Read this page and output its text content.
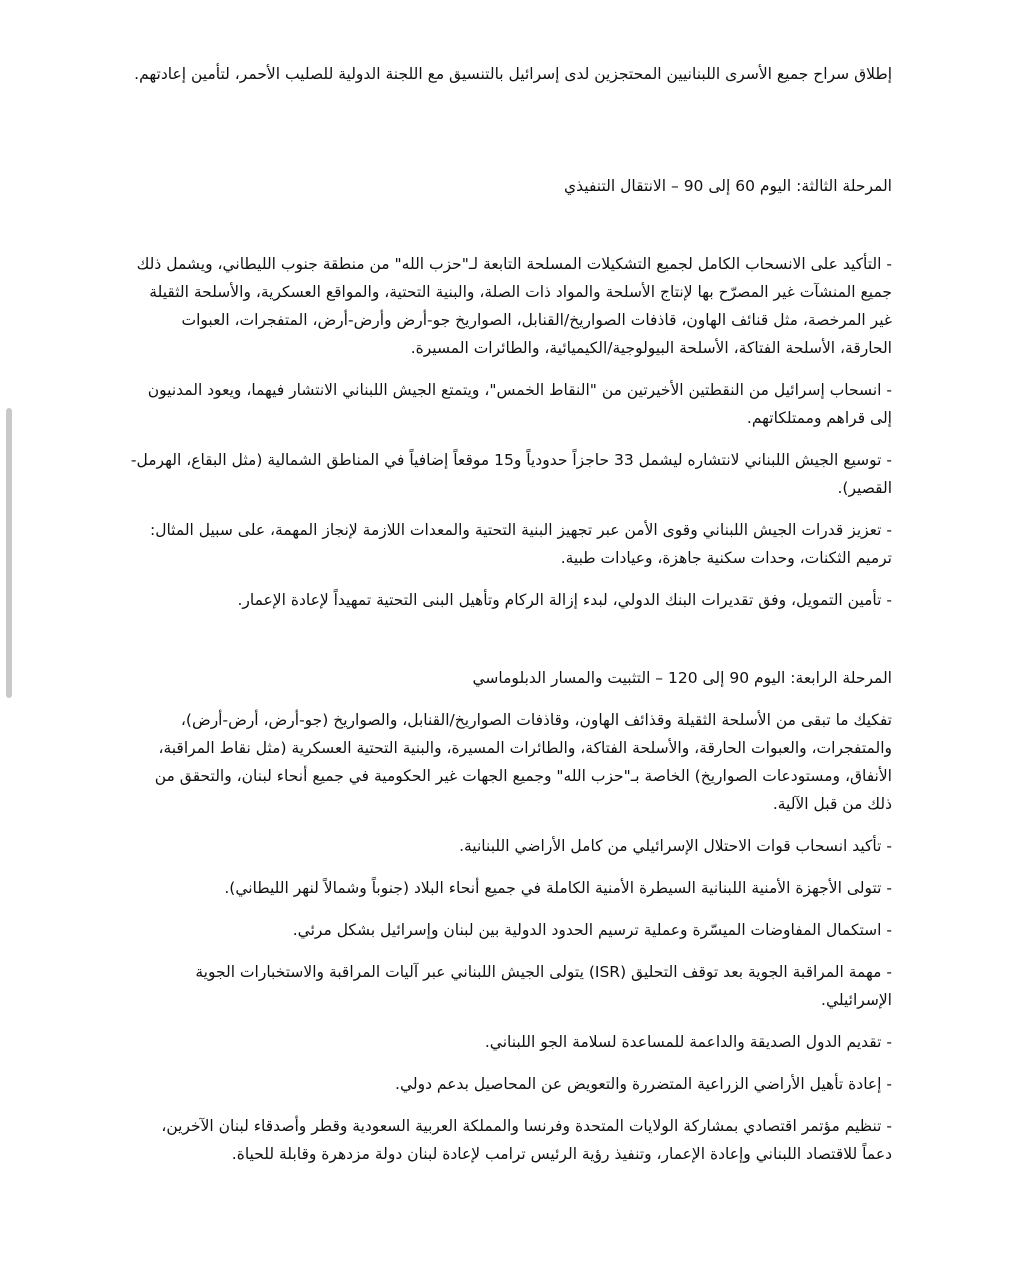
إطلاق سراح جميع الأسرى اللبنانيين المحتجزين لدى إسرائيل بالتنسيق مع اللجنة الدولية للصليب الأحمر، لتأمين إعادتهم.

المرحلة الثالثة: اليوم 60 إلى 90 – الانتقال التنفيذي

- التأكيد على الانسحاب الكامل لجميع التشكيلات المسلحة التابعة لـ"حزب الله" من منطقة جنوب الليطاني، ويشمل ذلك جميع المنشآت غير المصرّح بها لإنتاج الأسلحة والمواد ذات الصلة، والبنية التحتية، والمواقع العسكرية، والأسلحة الثقيلة غير المرخصة، مثل قنائف الهاون، قاذفات الصواريخ/القنابل، الصواريخ جو-أرض وأرض-أرض، المتفجرات، العبوات الحارقة، الأسلحة الفتاكة، الأسلحة البيولوجية/الكيميائية، والطائرات المسيرة.

- انسحاب إسرائيل من النقطتين الأخيرتين من "النقاط الخمس"، ويتمتع الجيش اللبناني الانتشار فيهما، ويعود المدنيون إلى قراهم وممتلكاتهم.

- توسيع الجيش اللبناني لانتشاره ليشمل 33 حاجزاً حدودياً و15 موقعاً إضافياً في المناطق الشمالية (مثل البقاع، الهرمل-القصير).

- تعزيز قدرات الجيش اللبناني وقوى الأمن عبر تجهيز البنية التحتية والمعدات اللازمة لإنجاز المهمة، على سبيل المثال: ترميم الثكنات، وحدات سكنية جاهزة، وعيادات طبية.

- تأمين التمويل، وفق تقديرات البنك الدولي، لبدء إزالة الركام وتأهيل البنى التحتية تمهيداً لإعادة الإعمار.

المرحلة الرابعة: اليوم 90 إلى 120 – التثبيت والمسار الدبلوماسي

تفكيك ما تبقى من الأسلحة الثقيلة وقذائف الهاون، وقاذفات الصواريخ/القنابل، والصواريخ (جو-أرض، أرض-أرض)، والمتفجرات، والعبوات الحارقة، والأسلحة الفتاكة، والطائرات المسيرة، والبنية التحتية العسكرية (مثل نقاط المراقبة، الأنفاق، ومستودعات الصواريخ) الخاصة بـ"حزب الله" وجميع الجهات غير الحكومية في جميع أنحاء لبنان، والتحقق من ذلك من قبل الآلية.

- تأكيد انسحاب قوات الاحتلال الإسرائيلي من كامل الأراضي اللبنانية.

- تتولى الأجهزة الأمنية اللبنانية السيطرة الأمنية الكاملة في جميع أنحاء البلاد (جنوباً وشمالاً لنهر الليطاني).

- استكمال المفاوضات الميسّرة وعملية ترسيم الحدود الدولية بين لبنان وإسرائيل بشكل مرئي.

- مهمة المراقبة الجوية بعد توقف التحليق (ISR) يتولى الجيش اللبناني عبر آليات المراقبة والاستخبارات الجوية الإسرائيلي.

- تقديم الدول الصديقة والداعمة للمساعدة لسلامة الجو اللبناني.

- إعادة تأهيل الأراضي الزراعية المتضررة والتعويض عن المحاصيل بدعم دولي.

- تنظيم مؤتمر اقتصادي بمشاركة الولايات المتحدة وفرنسا والمملكة العربية السعودية وقطر وأصدقاء لبنان الآخرين، دعماً للاقتصاد اللبناني وإعادة الإعمار، وتنفيذ رؤية الرئيس ترامب لإعادة لبنان دولة مزدهرة وقابلة للحياة.
